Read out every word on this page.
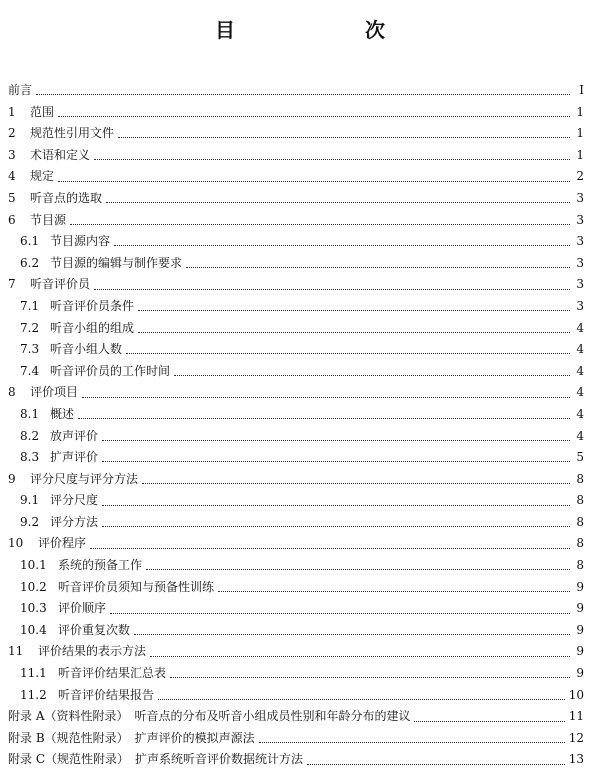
目　　次
前言	I
1	范围	1
2	规范性引用文件	1
3	术语和定义	1
4	规定	2
5	听音点的选取	3
6	节目源	3
6.1 节目源内容	3
6.2 节目源的编辑与制作要求	3
7	听音评价员	3
7.1 听音评价员条件	3
7.2 听音小组的组成	4
7.3 听音小组人数	4
7.4 听音评价员的工作时间	4
8	评价项目	4
8.1 概述	4
8.2 放声评价	4
8.3 扩声评价	5
9	评分尺度与评分方法	8
9.1 评分尺度	8
9.2 评分方法	8
10	评价程序	8
10.1 系统的预备工作	8
10.2 听音评价员须知与预备性训练	9
10.3 评价顺序	9
10.4 评价重复次数	9
11	评价结果的表示方法	9
11.1 听音评价结果汇总表	9
11.2 听音评价结果报告	10
附录 A（资料性附录）　听音点的分布及听音小组成员性别和年龄分布的建议	11
附录 B（规范性附录）　扩声评价的模拟声源法	12
附录 C（规范性附录）　扩声系统听音评价数据统计方法	13
